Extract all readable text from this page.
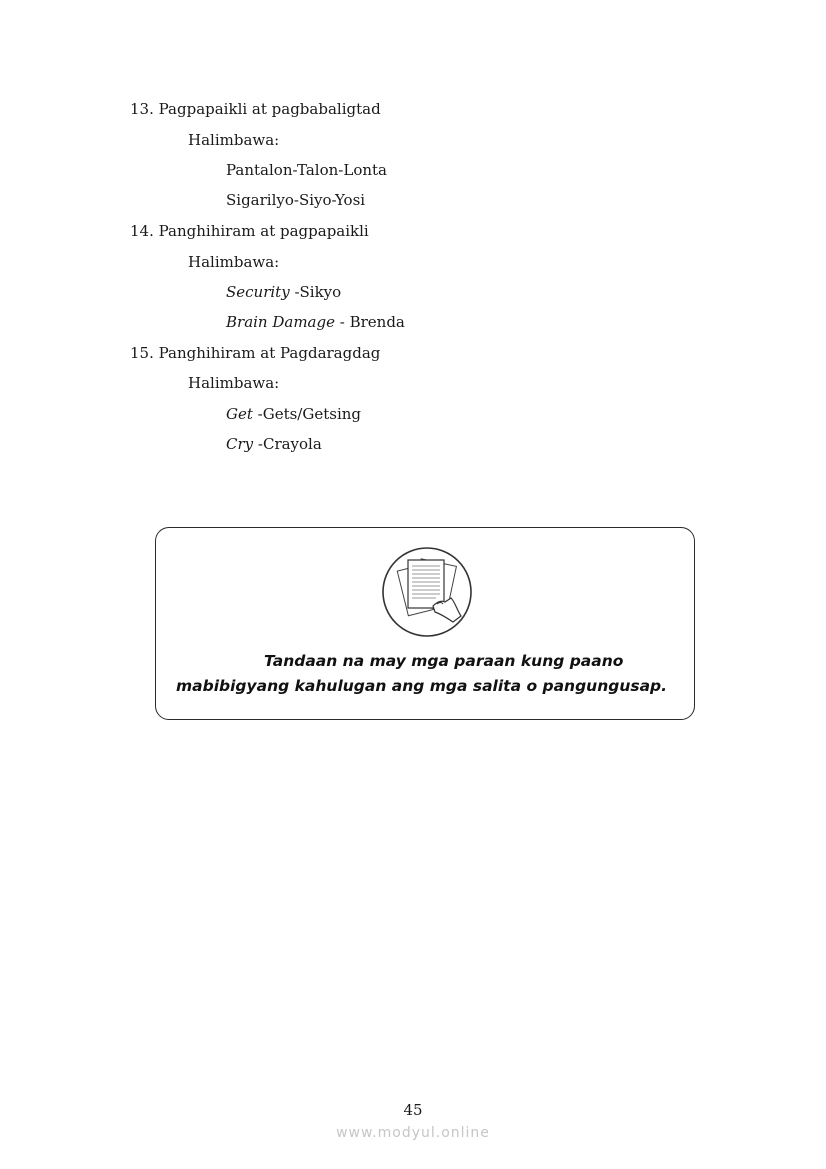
13. Pagpapaikli at pagbabaligtad
Halimbawa:
Pantalon-Talon-Lonta
Sigarilyo-Siyo-Yosi
14. Panghihiram at pagpapaikli
Halimbawa:
Security -Sikyo
Brain Damage - Brenda
15. Panghihiram at Pagdaragdag
Halimbawa:
Get -Gets/Getsing
Cry -Crayola
Tandaan na may mga paraan kung paano
mabibigyang kahulugan ang mga salita o pangungusap.
45
www.modyul.online
